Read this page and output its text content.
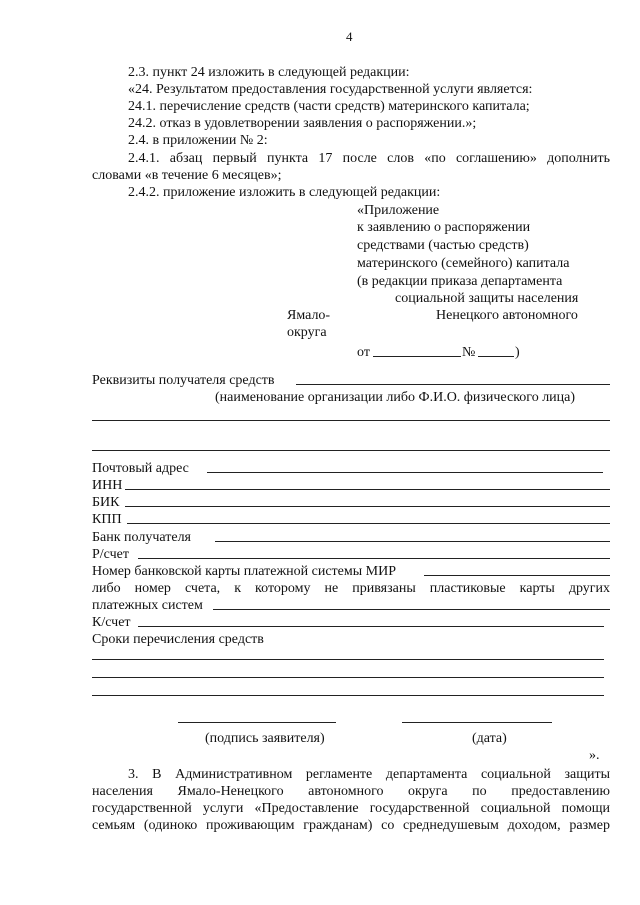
4
2.3. пункт 24 изложить в следующей редакции:
«24. Результатом предоставления государственной услуги является:
24.1. перечисление средств (части средств) материнского капитала;
24.2. отказ в удовлетворении заявления о распоряжении.»;
2.4. в приложении № 2:
2.4.1. абзац первый пункта 17 после слов «по соглашению» дополнить
словами «в течение 6 месяцев»;
2.4.2. приложение изложить в следующей редакции:
«Приложение
к заявлению о распоряжении
средствами (частью средств)
материнского (семейного) капитала
(в редакции приказа департамента
социальной защиты населения
Ямало-	Ненецкого автономного
округа
от	№	)
Реквизиты получателя средств
(наименование организации либо Ф.И.О. физического лица)
Почтовый адрес
ИНН
БИК
КПП
Банк получателя
Р/счет
Номер банковской карты платежной системы МИР
либо номер счета, к которому не привязаны пластиковые карты других
платежных систем
К/счет
Сроки перечисления средств
(подпись заявителя)	(дата)
».
3. В Административном регламенте департамента социальной защиты
населения Ямало-Ненецкого автономного округа по предоставлению
государственной услуги «Предоставление государственной социальной помощи
семьям (одиноко проживающим гражданам) со среднедушевым доходом, размер
